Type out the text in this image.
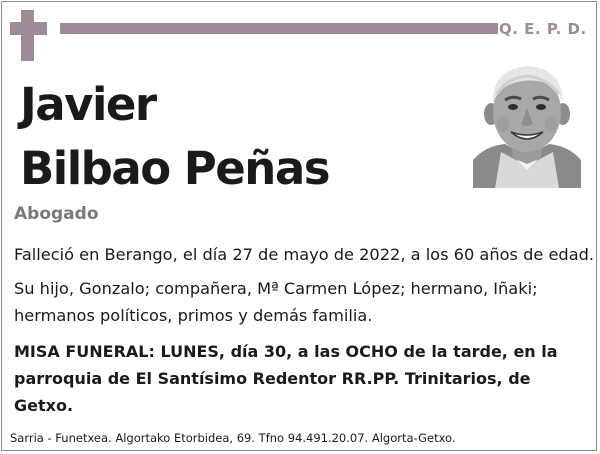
Q. E. P. D.
Javier
Bilbao Peñas
Abogado
Falleció en Berango, el día 27 de mayo de 2022, a los 60 años de edad.
Su hijo, Gonzalo; compañera, Mª Carmen López; hermano, Iñaki; hermanos políticos, primos y demás familia.
MISA FUNERAL: LUNES, día 30, a las OCHO de la tarde, en la parroquia de El Santísimo Redentor RR.PP. Trinitarios, de Getxo.
Sarria - Funetxea. Algortako Etorbidea, 69. Tfno 94.491.20.07. Algorta-Getxo.
